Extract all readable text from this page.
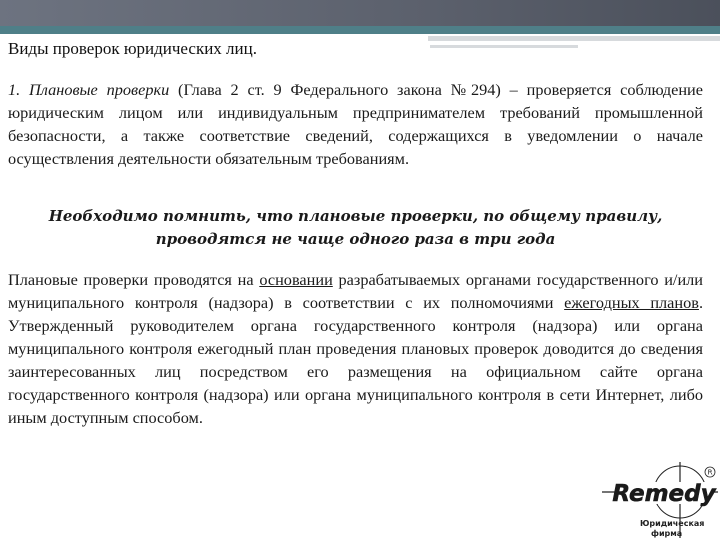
Виды проверок юридических лиц.

1. Плановые проверки (Глава 2 ст. 9 Федерального закона №294) – проверяется соблюдение юридическим лицом или индивидуальным предпринимателем требований промышленной безопасности, а также соответствие сведений, содержащихся в уведомлении о начале осуществления деятельности обязательным требованиям.

Необходимо помнить, что плановые проверки, по общему правилу, проводятся не чаще одного раза в три года

Плановые проверки проводятся на основании разрабатываемых органами государственного и/или муниципального контроля (надзора) в соответствии с их полномочиями ежегодных планов. Утвержденный руководителем органа государственного контроля (надзора) или органа муниципального контроля ежегодный план проведения плановых проверок доводится до сведения заинтересованных лиц посредством его размещения на официальном сайте органа государственного контроля (надзора) или органа муниципального контроля в сети Интернет, либо иным доступным способом.

R
Remedy
Юридическая
фирма
